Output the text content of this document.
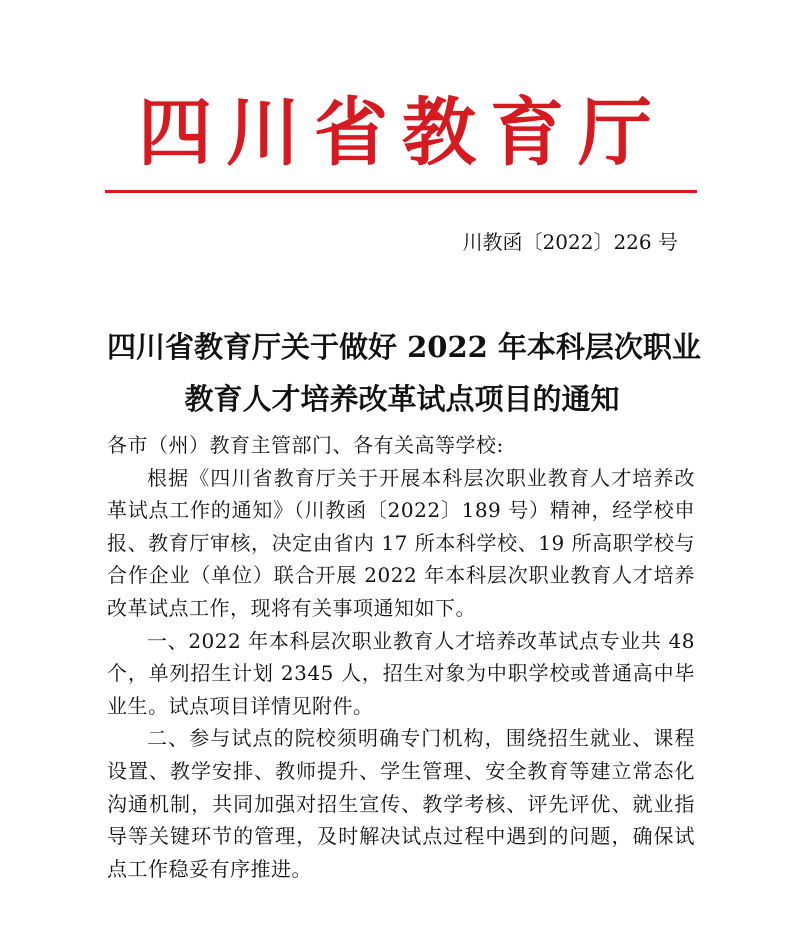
四川省教育厅
川教函〔2022〕226 号
四川省教育厅关于做好 2022 年本科层次职业
教育人才培养改革试点项目的通知

各市（州）教育主管部门、各有关高等学校:

根据《四川省教育厅关于开展本科层次职业教育人才培养改革试点工作的通知》（川教函〔2022〕189 号）精神，经学校申报、教育厅审核，决定由省内 17 所本科学校、19 所高职学校与合作企业（单位）联合开展 2022 年本科层次职业教育人才培养改革试点工作，现将有关事项通知如下。

一、2022 年本科层次职业教育人才培养改革试点专业共 48 个，单列招生计划 2345 人，招生对象为中职学校或普通高中毕业生。试点项目详情见附件。

二、参与试点的院校须明确专门机构，围绕招生就业、课程设置、教学安排、教师提升、学生管理、安全教育等建立常态化沟通机制，共同加强对招生宣传、教学考核、评先评优、就业指导等关键环节的管理，及时解决试点过程中遇到的问题，确保试点工作稳妥有序推进。
